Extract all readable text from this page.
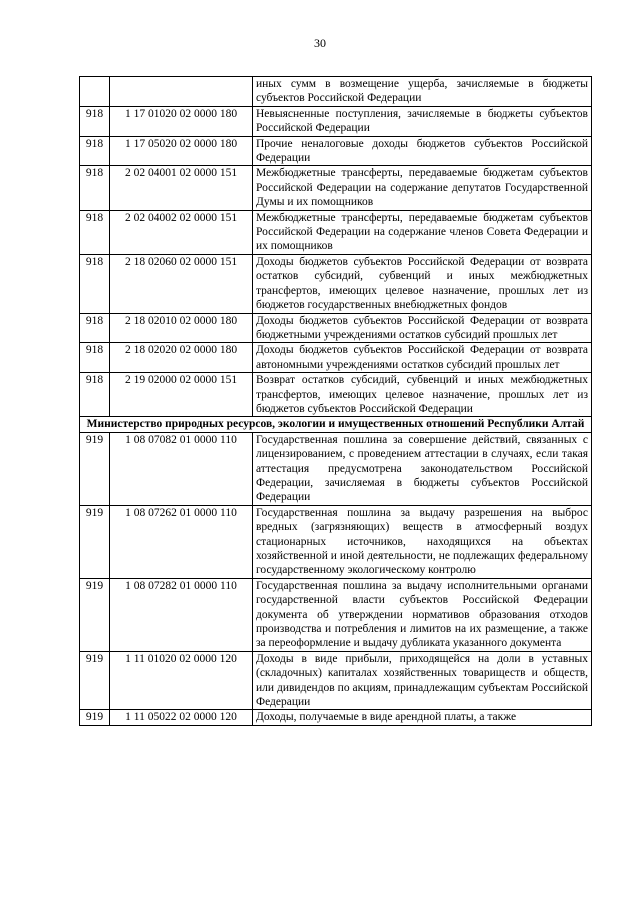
30
		иных сумм в возмещение ущерба, зачисляемые в бюджеты субъектов Российской Федерации
918	1 17 01020 02 0000 180	Невыясненные поступления, зачисляемые в бюджеты субъектов Российской Федерации
918	1 17 05020 02 0000 180	Прочие неналоговые доходы бюджетов субъектов Российской Федерации
918	2 02 04001 02 0000 151	Межбюджетные трансферты, передаваемые бюджетам субъектов Российской Федерации на содержание депутатов Государственной Думы и их помощников
918	2 02 04002 02 0000 151	Межбюджетные трансферты, передаваемые бюджетам субъектов Российской Федерации на содержание членов Совета Федерации и их помощников
918	2 18 02060 02 0000 151	Доходы бюджетов субъектов Российской Федерации от возврата остатков субсидий, субвенций и иных межбюджетных трансфертов, имеющих целевое назначение, прошлых лет из бюджетов государственных внебюджетных фондов
918	2 18 02010 02 0000 180	Доходы бюджетов субъектов Российской Федерации от возврата бюджетными учреждениями остатков субсидий прошлых лет
918	2 18 02020 02 0000 180	Доходы бюджетов субъектов Российской Федерации от возврата автономными учреждениями остатков субсидий прошлых лет
918	2 19 02000 02 0000 151	Возврат остатков субсидий, субвенций и иных межбюджетных трансфертов, имеющих целевое назначение, прошлых лет из бюджетов субъектов Российской Федерации
Министерство природных ресурсов, экологии и имущественных отношений Республики Алтай		
919	1 08 07082 01 0000 110	Государственная пошлина за совершение действий, связанных с лицензированием, с проведением аттестации в случаях, если такая аттестация предусмотрена законодательством Российской Федерации, зачисляемая в бюджеты субъектов Российской Федерации
919	1 08 07262 01 0000 110	Государственная пошлина за выдачу разрешения на выброс вредных (загрязняющих) веществ в атмосферный воздух стационарных источников, находящихся на объектах хозяйственной и иной деятельности, не подлежащих федеральному государственному экологическому контролю
919	1 08 07282 01 0000 110	Государственная пошлина за выдачу исполнительными органами государственной власти субъектов Российской Федерации документа об утверждении нормативов образования отходов производства и потребления и лимитов на их размещение, а также за переоформление и выдачу дубликата указанного документа
919	1 11 01020 02 0000 120	Доходы в виде прибыли, приходящейся на доли в уставных (складочных) капиталах хозяйственных товариществ и обществ, или дивидендов по акциям, принадлежащим субъектам Российской Федерации
919	1 11 05022 02 0000 120	Доходы, получаемые в виде арендной платы, а также
